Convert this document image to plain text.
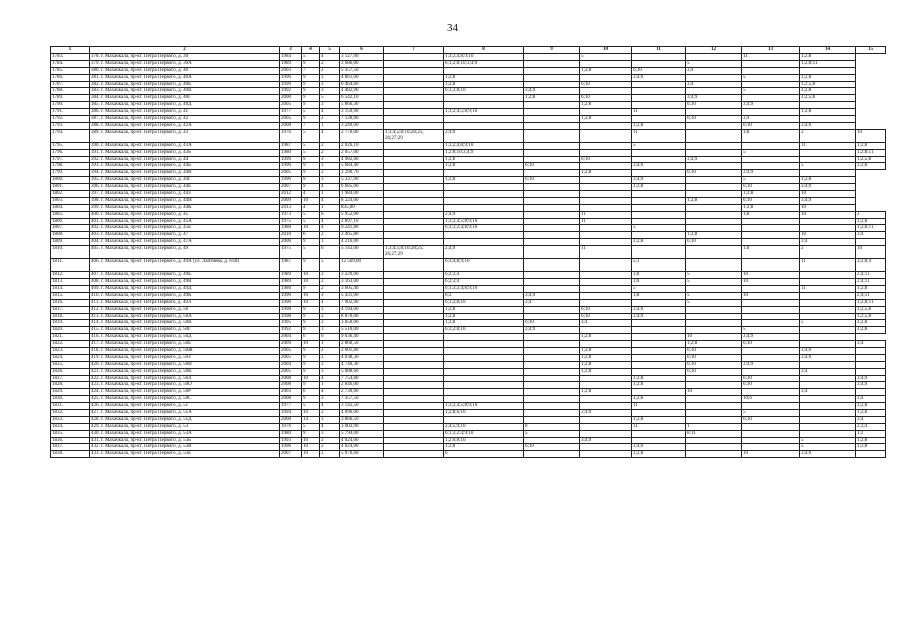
34
1	2	3	4	5	6	7	8	9	10	11	12	13	14	15
1783.	378. г. Махачкала, пр-кт. Петра Первого, д. 39	1984	5	4	3 127,90		1;3;2;4;8;9;10		5			11	1;2;8	
1784.	379. г. Махачкала, пр-кт. Петра Первого, д. 39А	1989	9	2	3 686,00		6;1;2;8;10;3;4;9				5		1;2;8;11	
1785.	380. г. Махачкала, пр-кт. Петра Первого, д. 40	2003	7	2	5 357,50				1;2;8	6;10	3;4			
1786.	381. г. Махачкала, пр-кт. Петра Первого, д. 40А	1996	9	3	4 861,00		1;2;8			3;4;9		5	1;2;8	
1787.	382. г. Махачкала, пр-кт. Петра Первого, д. 40Б	1999	9	3	6 464,60		1;2;8		6;10		3;4		1;2;5;8	
1788.	383. г. Махачкала, пр-кт. Петра Первого, д. 40В	1992	9	3	4 482,90		6;1;2;8;10	3;4;9				5	1;2;8	
1789.	384. г. Махачкала, пр-кт. Петра Первого, д. 40Г	2000	9	5	6 542,10			1;2;8	6;10		3;4;9		1;2;5;8	
1790.	385. г. Махачкала, пр-кт. Петра Первого, д. 40Д	2005	9	3	5 866,30				1;2;8		6;10	3;4;9		
1791.	386. г. Махачкала, пр-кт. Петра Первого, д. 41	1977	5	4	3 159,90		1;3;2;4;5;8;9;10			11			1;2;8	
1792.	387. г. Махачкала, пр-кт. Петра Первого, д. 42	2005	9	2	7 128,00				1;2;8		6;10	3;4		
1793.	388. г. Махачкала, пр-кт. Петра Первого, д. 42А	2008	7	1	3 249,00					1;2;8		6;10	3;4;9	
1794.	389. г. Махачкала, пр-кт. Петра Первого, д. 43	1976	5	4	2 770,00	1;3;4;5;8;10;28;25; 26;27;29	2;4;9			11		1;8	2	10
1795.	390. г. Махачкала, пр-кт. Петра Первого, д. 43А	1987	5	2	2 026,10		1;3;2;4;8;9;10			5			11	1;2;8
1796.	391. г. Махачкала, пр-кт. Петра Первого, д. 43Б	1980	5	2	2 057,00		1;2;8;10;3;4;9					5		1;2;8;11
1797.	392. г. Махачкала, пр-кт. Петра Первого, д. 44	1999	9	3	4 982,00		1;2;8		6;10		3;4;9			1;2;5;8
1798.	393. г. Махачкала, пр-кт. Петра Первого, д. 44Б	1996	9	3	5 684,40		1;2;8	6;10		3;4;9			5	1;2;8
1799.	394. г. Махачкала, пр-кт. Петра Первого, д. 44В	2005	9	2	3 290,70				1;2;8		6;10	3;4;9		
1800.	395. г. Махачкала, пр-кт. Петра Первого, д. 44Г	1996	9	3	5 337,90		1;2;8	6;10		3;4;9		5	1;2;8	
1801.	396. г. Махачкала, пр-кт. Петра Первого, д. 44Е	2007	9	4	6 685,00					1;2;8		6;10	3;4;9	
1802.	397. г. Махачкала, пр-кт. Петра Первого, д. 44З	2012	4	1	1 984,00							1;2;8	10	
1803.	398. г. Махачкала, пр-кт. Петра Первого, д. 44И	2009	10	4	8 224,00						1;2;8	6;10	3;4;9	
1804.	399. г. Махачкала, пр-кт. Петра Первого, д. 44К	2013	4	1	835,00							1;2;8	10	
1805.	400. г. Махачкала, пр-кт. Петра Первого, д. 45	1973	5	6	5 952,00		2;4;9		11			1;8	10	2
1806.	401. г. Махачкала, пр-кт. Петра Первого, д. 45А	1975	5	4	2 897,10		1;3;2;4;5;8;9;10		11					1;2;8
1807.	402. г. Махачкала, пр-кт. Петра Первого, д. 45Б	1988	10	4	9 241,80		6;1;3;2;4;8;9;10			5				1;2;8;11
1808.	403. г. Махачкала, пр-кт. Петра Первого, д. 47	2010	6	2	3 465,80						1;2;8		10	3;4
1809.	404. г. Махачкала, пр-кт. Петра Первого, д. 47А	2006	9	1	4 216,00					1;2;8	6;10		3;4	
1810.	405. г. Махачкала, пр-кт. Петра Первого, д. 49	1975	5	6	5 143,00	1;3;4;5;8;10;28;25; 26;27;29	2;4;9		11			1;8	2	10
1811.	406. г. Махачкала, пр-кт. Петра Первого, д. 49А (ул. Лаптиева, д. 61В)	1987	9	5	12 569,00		6;3;4;8;9;10			5;1			11	3;2;8;4
1812.	407. г. Махачкала, пр-кт. Петра Первого, д. 49Б	1989	10	2	3 229,00		6;2;3;4			1;8	5	10		2;4;11
1813.	408. г. Махачкала, пр-кт. Петра Первого, д. 49В	1989	10	2	3 163,00		6;2;3;4			1;8	5	10		2;4;11
1814.	409. г. Махачкала, пр-кт. Петра Первого, д. 49Д	1986	9	2	3 605,40		6;1;3;2;4;8;9;10			5			11	1;2;8
1815.	410. г. Махачкала, пр-кт. Петра Первого, д. 49К	1990	10	3	5 431,00		6;3	3;4;9		1;8	5	10		2;4;11
1816.	411. г. Махачкала, пр-кт. Петра Первого, д. 49Л	1990	10	4	7 902,90		6;1;2;8;10	3;4			5			1;2;8;11
1817.	412. г. Махачкала, пр-кт. Петра Первого, д. 50	1998	9	3	4 194,00		1;2;8		6;10	3;4;9				1;2;5;8
1818.	413. г. Махачкала, пр-кт. Петра Первого, д. 50А	1998	9	2	8 870,00		1;2;8		6;10	3;4;9				1;2;5;8
1819.	414. г. Махачкала, пр-кт. Петра Первого, д. 50В	1995	9	2	3 850,00		1;2;8	6;10	3;4				5	1;2;8
1820.	415. г. Махачкала, пр-кт. Петра Первого, д. 50Г	1992	9	3	5 510,00		6;1;2;8;10	3;4;9				5		1;2;8
1821.	416. г. Махачкала, пр-кт. Петра Первого, д. 50Д	2004	6	6	9 036,40				1;2;8		10	3;4;9		
1822.	417. г. Махачкала, пр-кт. Петра Первого, д. 50Е	2009	10	1	2 860,50						1;2;8	6;10		3;4
1823.	418. г. Махачкала, пр-кт. Петра Первого, д. 50Ж	2005	9	2	3 601,80				1;2;8		6;10		3;4;9	
1824.	419. г. Махачкала, пр-кт. Петра Первого, д. 50З	2005	9	2	4 038,30				1;2;8		6;10		3;4;9	
1825.	420. г. Махачкала, пр-кт. Петра Первого, д. 50И	2004	9	3	4 740,30				1;2;8		6;10	3;4;9		
1826.	421. г. Махачкала, пр-кт. Петра Первого, д. 50К	2005	9	3	5 088,60				1;2;8		6;10		3;4	
1827.	422. г. Махачкала, пр-кт. Петра Первого, д. 50Л	2008	10	4	7 754,80					1;2;8		6;10		3;4;9
1828.	423. г. Махачкала, пр-кт. Петра Первого, д. 50О	2008	9	1	2 846,00					1;2;8		6;10		3;4;9
1829.	424. г. Махачкала, пр-кт. Петра Первого, д. 50Р	2003	6	4	2 730,00				1;2;8		10		3;4	
1830.	425. г. Махачкала, пр-кт. Петра Первого, д. 50С	2008	9	3	7 357,50					1;2;8		10;6		3;4
1831.	426. г. Махачкала, пр-кт. Петра Первого, д. 51	1977	5	4	3 142,50		1;3;2;4;5;8;9;10			11				1;2;8
1832.	427. г. Махачкала, пр-кт. Петра Первого, д. 51А	1994	10	2	4 096,00		1;2;8;6;10		3;4;9			5		1;2;8
1833.	428. г. Махачкала, пр-кт. Петра Первого, д. 51Д	2008	14	1	3 866,50					1;2;8		6;10		3;4
1834.	429. г. Махачкала, пр-кт. Петра Первого, д. 53	1976	5	4	3 003,90		2;4;5;9;10	8		11	1			2;3;4
1835.	430. г. Махачкала, пр-кт. Петра Первого, д. 53А	1980	9	3	5 794,00		6;1;3;2;4;9;10	5			8;11			1;2
1836.	431. г. Махачкала, пр-кт. Петра Первого, д. 53Б	1993	10	2	4 024,00		1;2;6;8;10		3;4;9				5	1;2;8
1837.	432. г. Махачкала, пр-кт. Петра Первого, д. 53В	1996	10	2	4 024,00		1;2;8	6;10		3;4;9			5	1;2;8
1838.	433. г. Махачкала, пр-кт. Петра Первого, д. 53Е	2007	10	2	5 070,60		6			1;2;8		10	3;4;9	
